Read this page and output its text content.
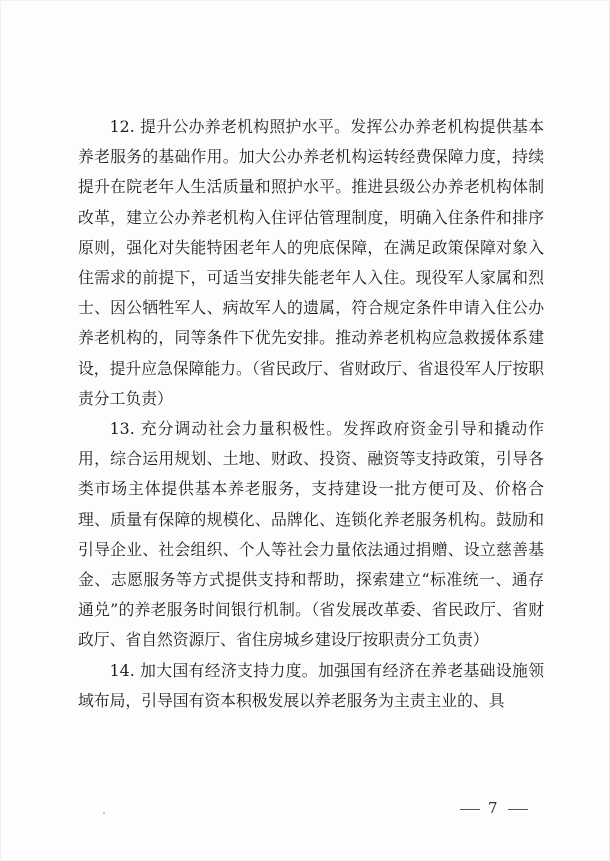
12. 提升公办养老机构照护水平。发挥公办养老机构提供基本养老服务的基础作用。加大公办养老机构运转经费保障力度，持续提升在院老年人生活质量和照护水平。推进县级公办养老机构体制改革，建立公办养老机构入住评估管理制度，明确入住条件和排序原则，强化对失能特困老年人的兜底保障，在满足政策保障对象入住需求的前提下，可适当安排失能老年人入住。现役军人家属和烈士、因公牺牲军人、病故军人的遗属，符合规定条件申请入住公办养老机构的，同等条件下优先安排。推动养老机构应急救援体系建设，提升应急保障能力。（省民政厅、省财政厅、省退役军人厅按职责分工负责）

13. 充分调动社会力量积极性。发挥政府资金引导和撬动作用，综合运用规划、土地、财政、投资、融资等支持政策，引导各类市场主体提供基本养老服务，支持建设一批方便可及、价格合理、质量有保障的规模化、品牌化、连锁化养老服务机构。鼓励和引导企业、社会组织、个人等社会力量依法通过捐赠、设立慈善基金、志愿服务等方式提供支持和帮助，探索建立“标准统一、通存通兑”的养老服务时间银行机制。（省发展改革委、省民政厅、省财政厅、省自然资源厅、省住房城乡建设厅按职责分工负责）

14. 加大国有经济支持力度。加强国有经济在养老基础设施领域布局，引导国有资本积极发展以养老服务为主责主业的、具

7
